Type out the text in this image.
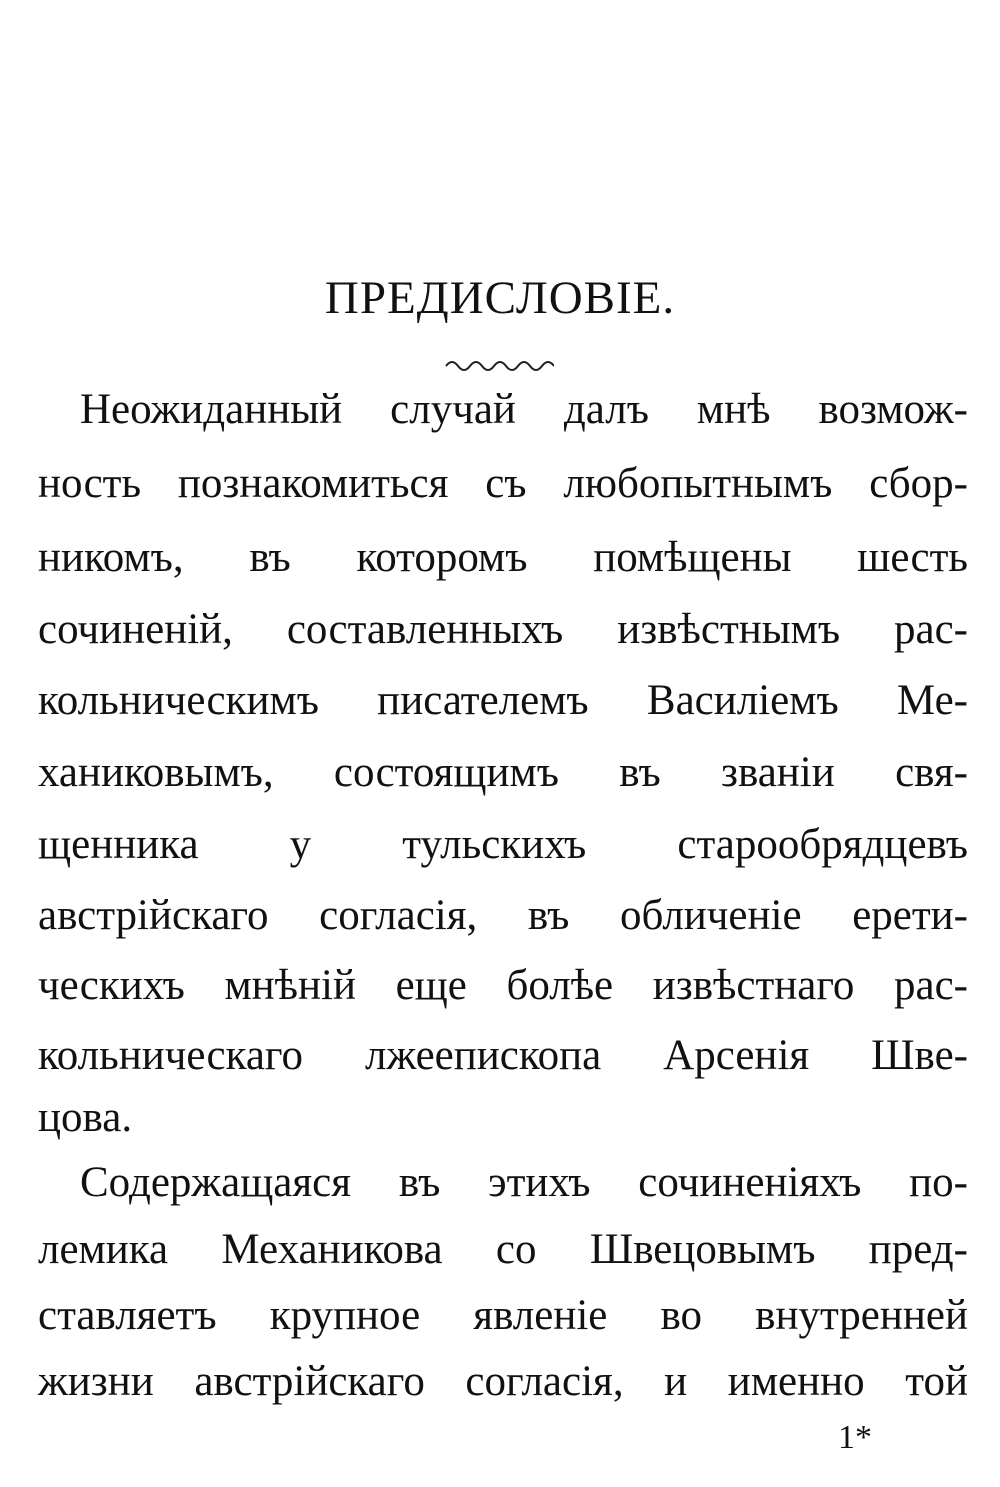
ПРЕДИСЛОВІЕ.
Неожиданный случай далъ мнѣ возмож-
ность познакомиться съ любопытнымъ сбор-
никомъ, въ которомъ помѣщены шесть
сочиненій, составленныхъ извѣстнымъ рас-
кольническимъ писателемъ Василіемъ Ме-
ханиковымъ, состоящимъ въ званіи свя-
щенника у тульскихъ старообрядцевъ
австрійскаго согласія, въ обличеніе ерети-
ческихъ мнѣній еще болѣе извѣстнаго рас-
кольническаго лжеепископа Арсенія Шве-
цова.
Содержащаяся въ этихъ сочиненіяхъ по-
лемика Механикова со Швецовымъ пред-
ставляетъ крупное явленіе во внутренней
жизни австрійскаго согласія, и именно той
1*
